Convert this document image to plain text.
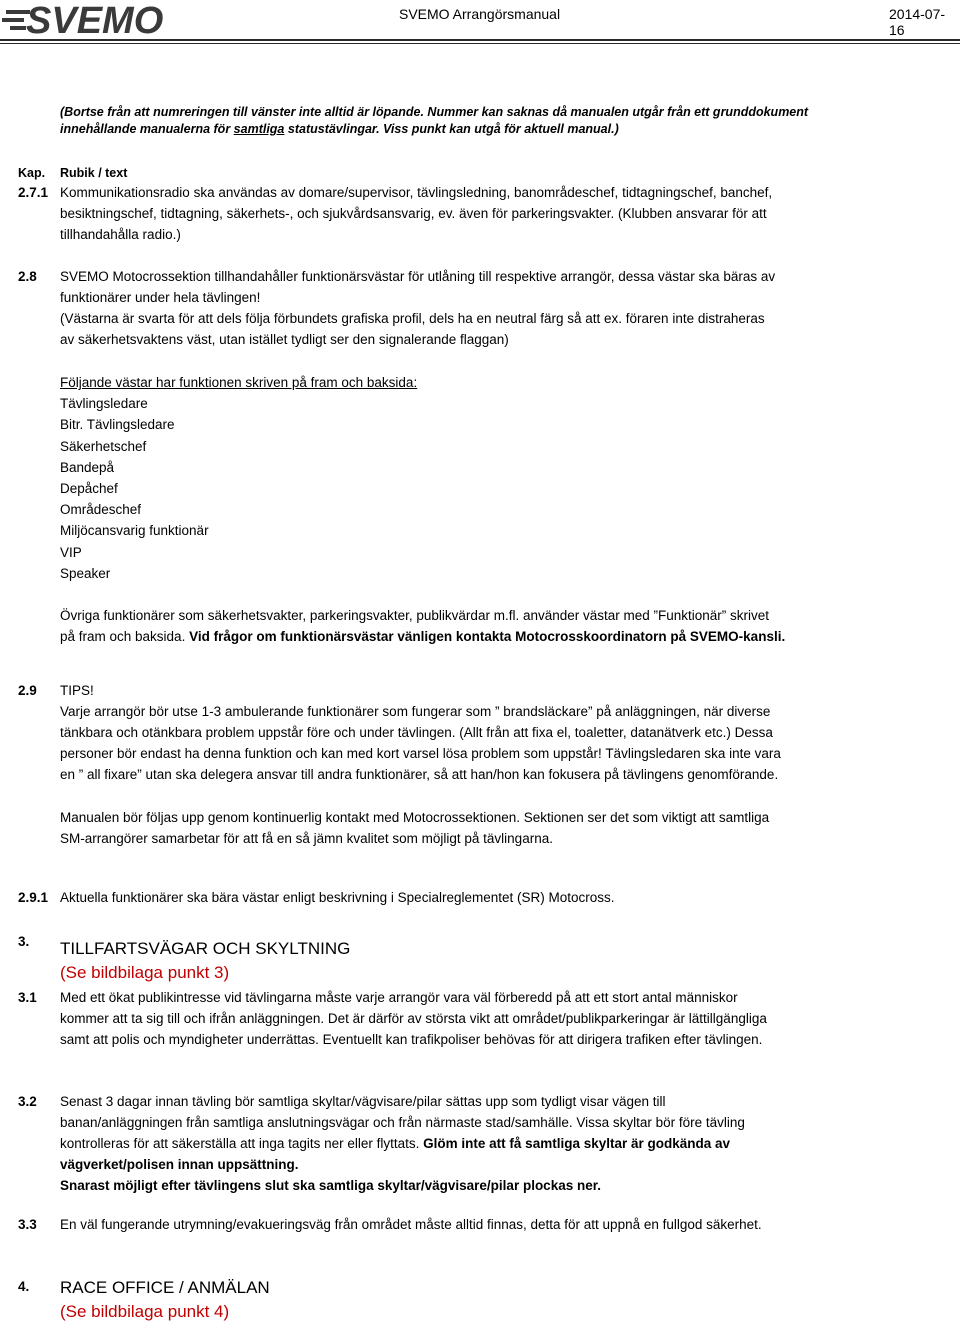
SVEMO	SVEMO Arrangörsmanual	2014-07-16
(Bortse från att numreringen till vänster inte alltid är löpande. Nummer kan saknas då manualen utgår från ett grunddokument
innehållande manualerna för samtliga statustävlingar. Viss punkt kan utgå för aktuell manual.)
Kap. Rubik / text
2.7.1 Kommunikationsradio ska användas av domare/supervisor, tävlingsledning, banområdeschef, tidtagningschef, banchef,
besiktningschef, tidtagning, säkerhets-, och sjukvårdsansvarig, ev. även för parkeringsvakter. (Klubben ansvarar för att
tillhandahålla radio.)
2.8 SVEMO Motocrossektion tillhandahåller funktionärsvästar för utlåning till respektive arrangör, dessa västar ska bäras av
funktionärer under hela tävlingen!
(Västarna är svarta för att dels följa förbundets grafiska profil, dels ha en neutral färg så att ex. föraren inte distraheras
av säkerhetsvaktens väst, utan istället tydligt ser den signalerande flaggan)
Följande västar har funktionen skriven på fram och baksida:
Tävlingsledare
Bitr. Tävlingsledare
Säkerhetschef
Bandepå
Depåchef
Områdeschef
Miljöcansvarig funktionär
VIP
Speaker
Övriga funktionärer som säkerhetsvakter, parkeringsvakter, publikvärdar m.fl. använder västar med ”Funktionär” skrivet
på fram och baksida. Vid frågor om funktionärsvästar vänligen kontakta Motocrosskoordinatorn på SVEMO-kansli.
2.9 TIPS!
Varje arrangör bör utse 1-3 ambulerande funktionärer som fungerar som ” brandsläckare” på anläggningen, när diverse
tänkbara och otänkbara problem uppstår före och under tävlingen. (Allt från att fixa el, toaletter, datanätverk etc.) Dessa
personer bör endast ha denna funktion och kan med kort varsel lösa problem som uppstår! Tävlingsledaren ska inte vara
en ” all fixare” utan ska delegera ansvar till andra funktionärer, så att han/hon kan fokusera på tävlingens genomförande.
Manualen bör följas upp genom kontinuerlig kontakt med Motocrossektionen. Sektionen ser det som viktigt att samtliga
SM-arrangörer samarbetar för att få en så jämn kvalitet som möjligt på tävlingarna.
2.9.1 Aktuella funktionärer ska bära västar enligt beskrivning i Specialreglementet (SR) Motocross.
3. TILLFARTSVÄGAR OCH SKYLTNING
(Se bildbilaga punkt 3)
3.1 Med ett ökat publikintresse vid tävlingarna måste varje arrangör vara väl förberedd på att ett stort antal människor
kommer att ta sig till och ifrån anläggningen. Det är därför av största vikt att området/publikparkeringar är lättillgängliga
samt att polis och myndigheter underrättas. Eventuellt kan trafikpoliser behövas för att dirigera trafiken efter tävlingen.
3.2 Senast 3 dagar innan tävling bör samtliga skyltar/vägvisare/pilar sättas upp som tydligt visar vägen till
banan/anläggningen från samtliga anslutningsvägar och från närmaste stad/samhälle. Vissa skyltar bör före tävling
kontrolleras för att säkerställa att inga tagits ner eller flyttats. Glöm inte att få samtliga skyltar är godkända av
vägverket/polisen innan uppsättning.
Snarast möjligt efter tävlingens slut ska samtliga skyltar/vägvisare/pilar plockas ner.
3.3 En väl fungerande utrymning/evakueringsväg från området måste alltid finnas, detta för att uppnå en fullgod säkerhet.
4. RACE OFFICE / ANMÄLAN
(Se bildbilaga punkt 4)
